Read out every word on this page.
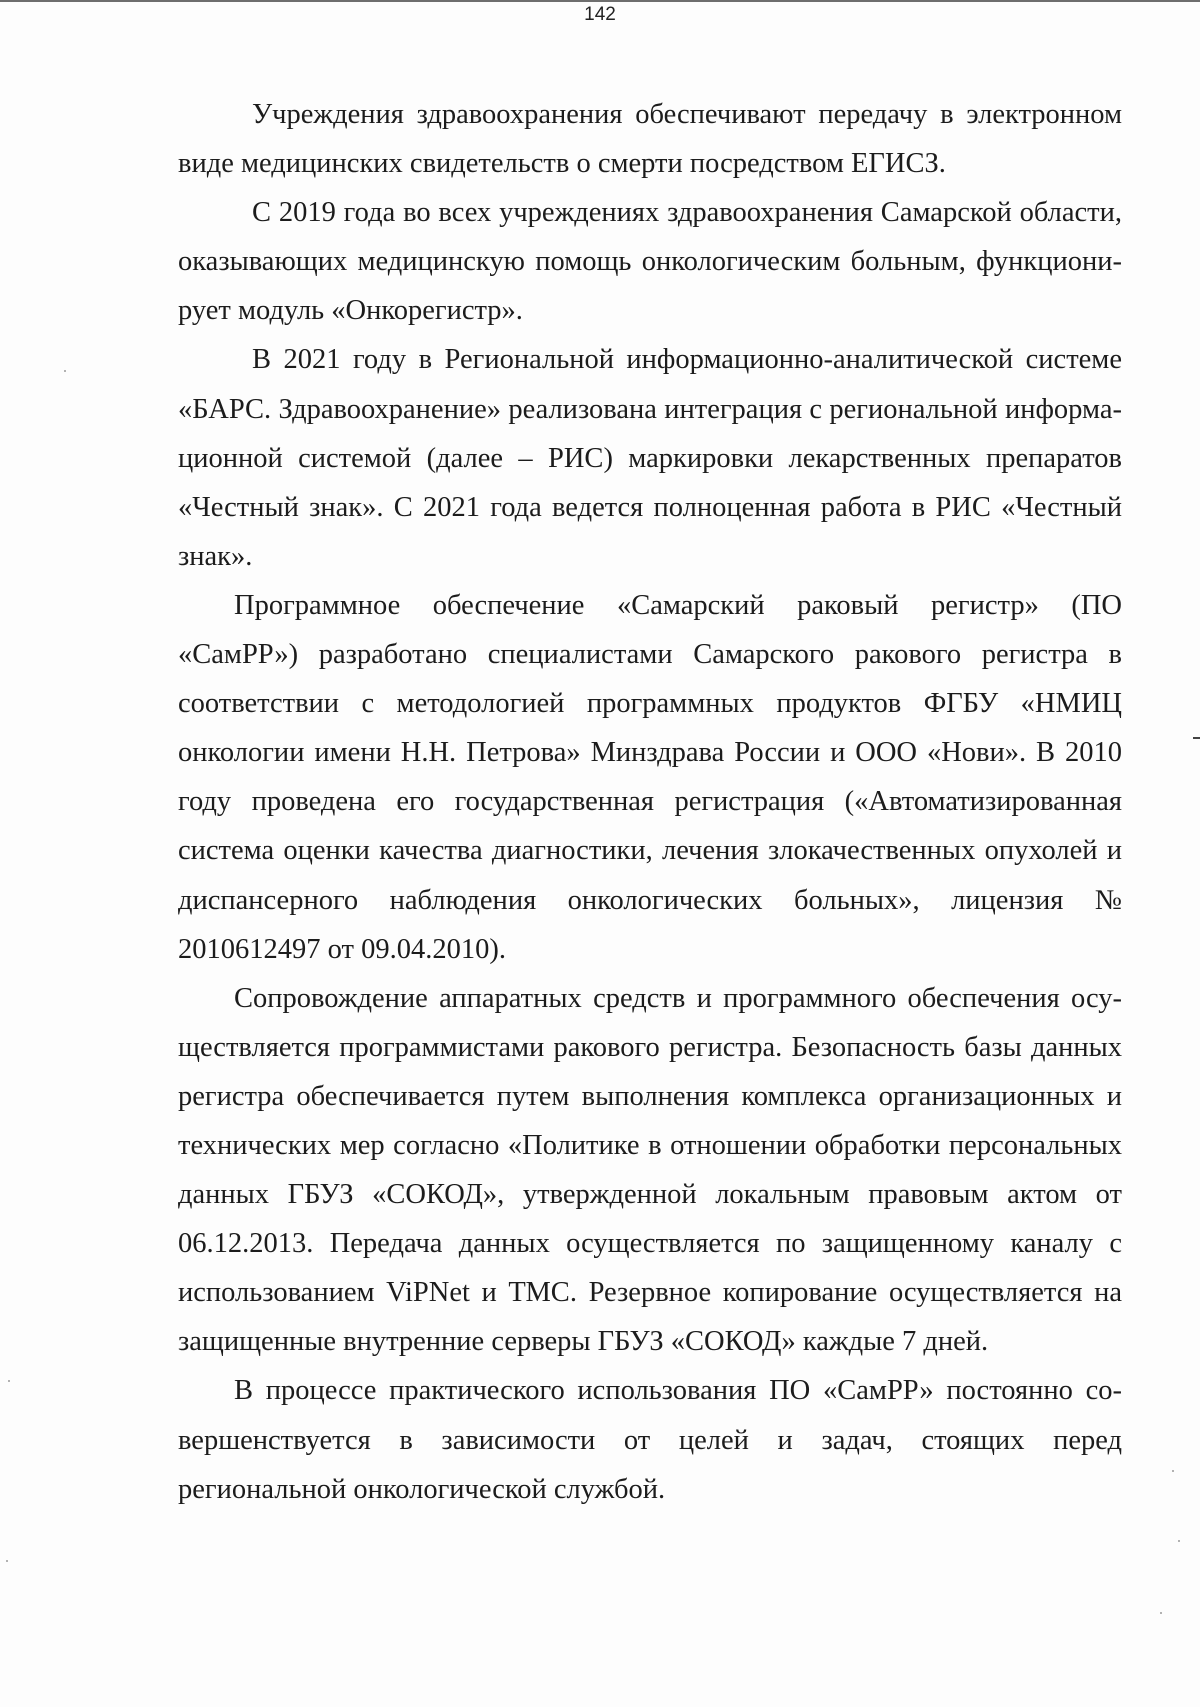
142

Учреждения здравоохранения обеспечивают передачу в электронном виде медицинских свидетельств о смерти посредством ЕГИСЗ.

С 2019 года во всех учреждениях здравоохранения Самарской области, оказывающих медицинскую помощь онкологическим больным, функционирует модуль «Онкорегистр».

В 2021 году в Региональной информационно-аналитической системе «БАРС. Здравоохранение» реализована интеграция с региональной информационной системой (далее – РИС) маркировки лекарственных препаратов «Честный знак». С 2021 года ведется полноценная работа в РИС «Честный знак».

Программное обеспечение «Самарский раковый регистр» (ПО «СамРР») разработано специалистами Самарского ракового регистра в соответствии с методологией программных продуктов ФГБУ «НМИЦ онкологии имени Н.Н. Петрова» Минздрава России и ООО «Нови». В 2010 году проведена его государственная регистрация («Автоматизированная система оценки качества диагностики, лечения злокачественных опухолей и диспансерного наблюдения онкологических больных», лицензия № 2010612497 от 09.04.2010).

Сопровождение аппаратных средств и программного обеспечения осуществляется программистами ракового регистра. Безопасность базы данных регистра обеспечивается путем выполнения комплекса организационных и технических мер согласно «Политике в отношении обработки персональных данных ГБУЗ «СОКОД», утвержденной локальным правовым актом от 06.12.2013. Передача данных осуществляется по защищенному каналу с использованием ViPNet и ТМС. Резервное копирование осуществляется на защищенные внутренние серверы ГБУЗ «СОКОД» каждые 7 дней.

В процессе практического использования ПО «СамРР» постоянно совершенствуется в зависимости от целей и задач, стоящих перед региональной онкологической службой.
